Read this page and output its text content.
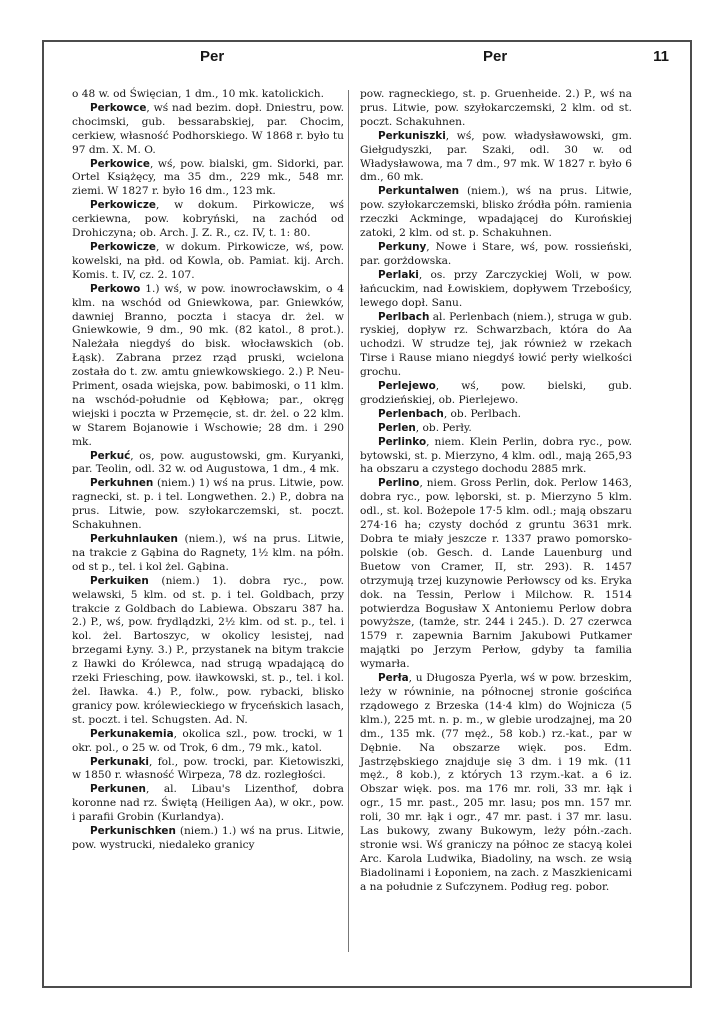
Per	Per	11

o 48 w. od Święcian, 1 dm., 10 mk. katolickich.

Perkowce, wś nad bezim. dopł. Dniestru, pow. chocimski, gub. bessarabskiej, par. Chocim, cerkiew, własność Podhorskiego. W 1868 r. było tu 97 dm. X. M. O.

Perkowice, wś, pow. bialski, gm. Sidorki, par. Ortel Książęcy, ma 35 dm., 229 mk., 548 mr. ziemi. W 1827 r. było 16 dm., 123 mk.

Perkowicze, w dokum. Pirkowicze, wś cerkiewna, pow. kobryński, na zachód od Drohiczyna; ob. Arch. J. Z. R., cz. IV, t. 1: 80.

Perkowicze, w dokum. Pirkowicze, wś, pow. kowelski, na płd. od Kowla, ob. Pamiat. kij. Arch. Komis. t. IV, cz. 2. 107.

Perkowo 1.) wś, w pow. inowrocławskim, o 4 klm. na wschód od Gniewkowa, par. Gniewków, dawniej Branno, poczta i stacya dr. żel. w Gniewkowie, 9 dm., 90 mk. (82 katol., 8 prot.). Należała niegdyś do bisk. włocławskich (ob. Łąsk). Zabrana przez rząd pruski, wcielona została do t. zw. amtu gniewkowskiego. 2.) P. Neu-Priment, osada wiejska, pow. babimoski, o 11 klm. na wschód-południe od Kębłowa; par., okręg wiejski i poczta w Przemęcie, st. dr. żel. o 22 klm. w Starem Bojanowie i Wschowie; 28 dm. i 290 mk.

Perkuć, os, pow. augustowski, gm. Kuryanki, par. Teolin, odl. 32 w. od Augustowa, 1 dm., 4 mk.

Perkuhnen (niem.) 1) wś na prus. Litwie, pow. ragnecki, st. p. i tel. Longwethen. 2.) P., dobra na prus. Litwie, pow. szyłokarczemski, st. poczt. Schakuhnen.

Perkuhnlauken (niem.), wś na prus. Litwie, na trakcie z Gąbina do Ragnety, 1½ klm. na półn. od st p., tel. i kol żel. Gąbina.

Perkuiken (niem.) 1). dobra ryc., pow. welawski, 5 klm. od st. p. i tel. Goldbach, przy trakcie z Goldbach do Labiewa. Obszaru 387 ha. 2.) P., wś, pow. frydlądzki, 2½ klm. od st. p., tel. i kol. żel. Bartoszyc, w okolicy lesistej, nad brzegami Łyny. 3.) P., przystanek na bitym trakcie z Iławki do Królewca, nad strugą wpadającą do rzeki Friesching, pow. iławkowski, st. p., tel. i kol. żel. Iławka. 4.) P., folw., pow. rybacki, blisko granicy pow. królewieckiego w fryceńskich lasach, st. poczt. i tel. Schugsten. Ad. N.

Perkunakemia, okolica szl., pow. trocki, w 1 okr. pol., o 25 w. od Trok, 6 dm., 79 mk., katol.

Perkunaki, fol., pow. trocki, par. Kietowiszki, w 1850 r. własność Wirpeza, 78 dz. rozległości.

Perkunen, al. Libau's Lizenthof, dobra koronne nad rz. Świętą (Heiligen Aa), w okr., pow. i parafii Grobin (Kurlandya).

Perkunischken (niem.) 1.) wś na prus. Litwie, pow. wystrucki, niedaleko granicy

pow. ragneckiego, st. p. Gruenheide. 2.) P., wś na prus. Litwie, pow. szyłokarczemski, 2 klm. od st. poczt. Schakuhnen.

Perkuniszki, wś, pow. władysławowski, gm. Giełgudyszki, par. Szaki, odl. 30 w. od Władysławowa, ma 7 dm., 97 mk. W 1827 r. było 6 dm., 60 mk.

Perkuntalwen (niem.), wś na prus. Litwie, pow. szyłokarczemski, blisko źródła półn. ramienia rzeczki Ackminge, wpadającej do Kurońskiej zatoki, 2 klm. od st. p. Schakuhnen.

Perkuny, Nowe i Stare, wś, pow. rossieński, par. gorżdowska.

Perlaki, os. przy Zarczyckiej Woli, w pow. łańcuckim, nad Łowiskiem, dopływem Trzebośicy, lewego dopł. Sanu.

Perlbach al. Perlenbach (niem.), struga w gub. ryskiej, dopływ rz. Schwarzbach, która do Aa uchodzi. W strudze tej, jak również w rzekach Tirse i Rause miano niegdyś łowić perły wielkości grochu.

Perlejewo, wś, pow. bielski, gub. grodzieńskiej, ob. Pierlejewo.

Perlenbach, ob. Perlbach.

Perlen, ob. Perły.

Perlinko, niem. Klein Perlin, dobra ryc., pow. bytowski, st. p. Mierzyno, 4 klm. odl., mają 265,93 ha obszaru a czystego dochodu 2885 mrk.

Perlino, niem. Gross Perlin, dok. Perlow 1463, dobra ryc., pow. lęborski, st. p. Mierzyno 5 klm. odl., st. kol. Bożepole 17·5 klm. odl.; mają obszaru 274·16 ha; czysty dochód z gruntu 3631 mrk. Dobra te miały jeszcze r. 1337 prawo pomorsko-polskie (ob. Gesch. d. Lande Lauenburg und Buetow von Cramer, II, str. 293). R. 1457 otrzymują trzej kuzynowie Perłowscy od ks. Eryka dok. na Tessin, Perlow i Milchow. R. 1514 potwierdza Bogusław X Antoniemu Perlow dobra powyższe, (tamże, str. 244 i 245.). D. 27 czerwca 1579 r. zapewnia Barnim Jakubowi Putkamer majątki po Jerzym Perłow, gdyby ta familia wymarła.

Perła, u Długosza Pyerla, wś w pow. brzeskim, leży w równinie, na północnej stronie gościńca rządowego z Brzeska (14·4 klm) do Wojnicza (5 klm.), 225 mt. n. p. m., w glebie urodzajnej, ma 20 dm., 135 mk. (77 męż., 58 kob.) rz.-kat., par w Dębnie. Na obszarze więk. pos. Edm. Jastrzębskiego znajduje się 3 dm. i 19 mk. (11 męż., 8 kob.), z których 13 rzym.-kat. a 6 iz. Obszar więk. pos. ma 176 mr. roli, 33 mr. łąk i ogr., 15 mr. past., 205 mr. lasu; pos mn. 157 mr. roli, 30 mr. łąk i ogr., 47 mr. past. i 37 mr. lasu. Las bukowy, zwany Bukowym, leży półn.-zach. stronie wsi. Wś graniczy na północ ze stacyą kolei Arc. Karola Ludwika, Biadoliny, na wsch. ze wsią Biadolinami i Łoponiem, na zach. z Maszkienicami a na południe z Sufczynem. Podług reg. pobor.
